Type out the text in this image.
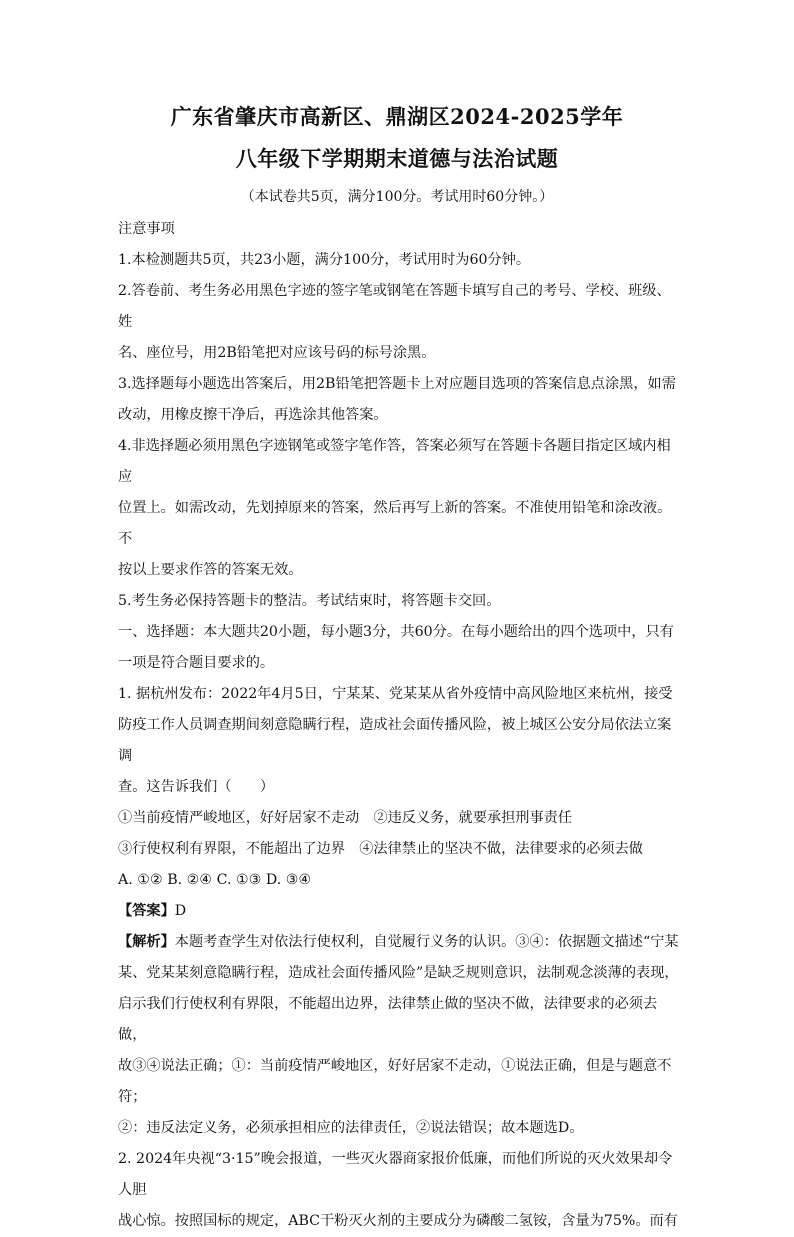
广东省肇庆市高新区、鼎湖区2024-2025学年
八年级下学期期末道德与法治试题
（本试卷共5页，满分100分。考试用时60分钟。）

注意事项

1.本检测题共5页，共23小题，满分100分，考试用时为60分钟。

2.答卷前、考生务必用黑色字迹的签字笔或钢笔在答题卡填写自己的考号、学校、班级、姓

名、座位号，用2B铅笔把对应该号码的标号涂黑。

3.选择题每小题选出答案后，用2B铅笔把答题卡上对应题目选项的答案信息点涂黑，如需

改动，用橡皮擦干净后，再选涂其他答案。

4.非选择题必须用黑色字迹钢笔或签字笔作答，答案必须写在答题卡各题目指定区域内相应

位置上。如需改动，先划掉原来的答案，然后再写上新的答案。不准使用铅笔和涂改液。不

按以上要求作答的答案无效。

5.考生务必保持答题卡的整洁。考试结束时，将答题卡交回。

一、选择题：本大题共20小题，每小题3分，共60分。在每小题给出的四个选项中，只有

一项是符合题目要求的。

1. 据杭州发布：2022年4月5日，宁某某、党某某从省外疫情中高风险地区来杭州，接受

防疫工作人员调查期间刻意隐瞒行程，造成社会面传播风险，被上城区公安分局依法立案调

查。这告诉我们（　　）

①当前疫情严峻地区，好好居家不走动　②违反义务，就要承担刑事责任

③行使权利有界限，不能超出了边界　④法律禁止的坚决不做，法律要求的必须去做

A. ①② B. ②④ C. ①③ D. ③④

【答案】D

【解析】本题考查学生对依法行使权利，自觉履行义务的认识。③④：依据题文描述“宁某

某、党某某刻意隐瞒行程，造成社会面传播风险”是缺乏规则意识，法制观念淡薄的表现，

启示我们行使权利有界限，不能超出边界，法律禁止做的坚决不做，法律要求的必须去做，

故③④说法正确；①：当前疫情严峻地区，好好居家不走动，①说法正确，但是与题意不符；

②：违反法定义务，必须承担相应的法律责任，②说法错误；故本题选D。

2. 2024年央视“3·15”晚会报道，一些灭火器商家报价低廉，而他们所说的灭火效果却令人胆

战心惊。按照国标的规定，ABC干粉灭火剂的主要成分为磷酸二氢铵，含量为75%。而有
